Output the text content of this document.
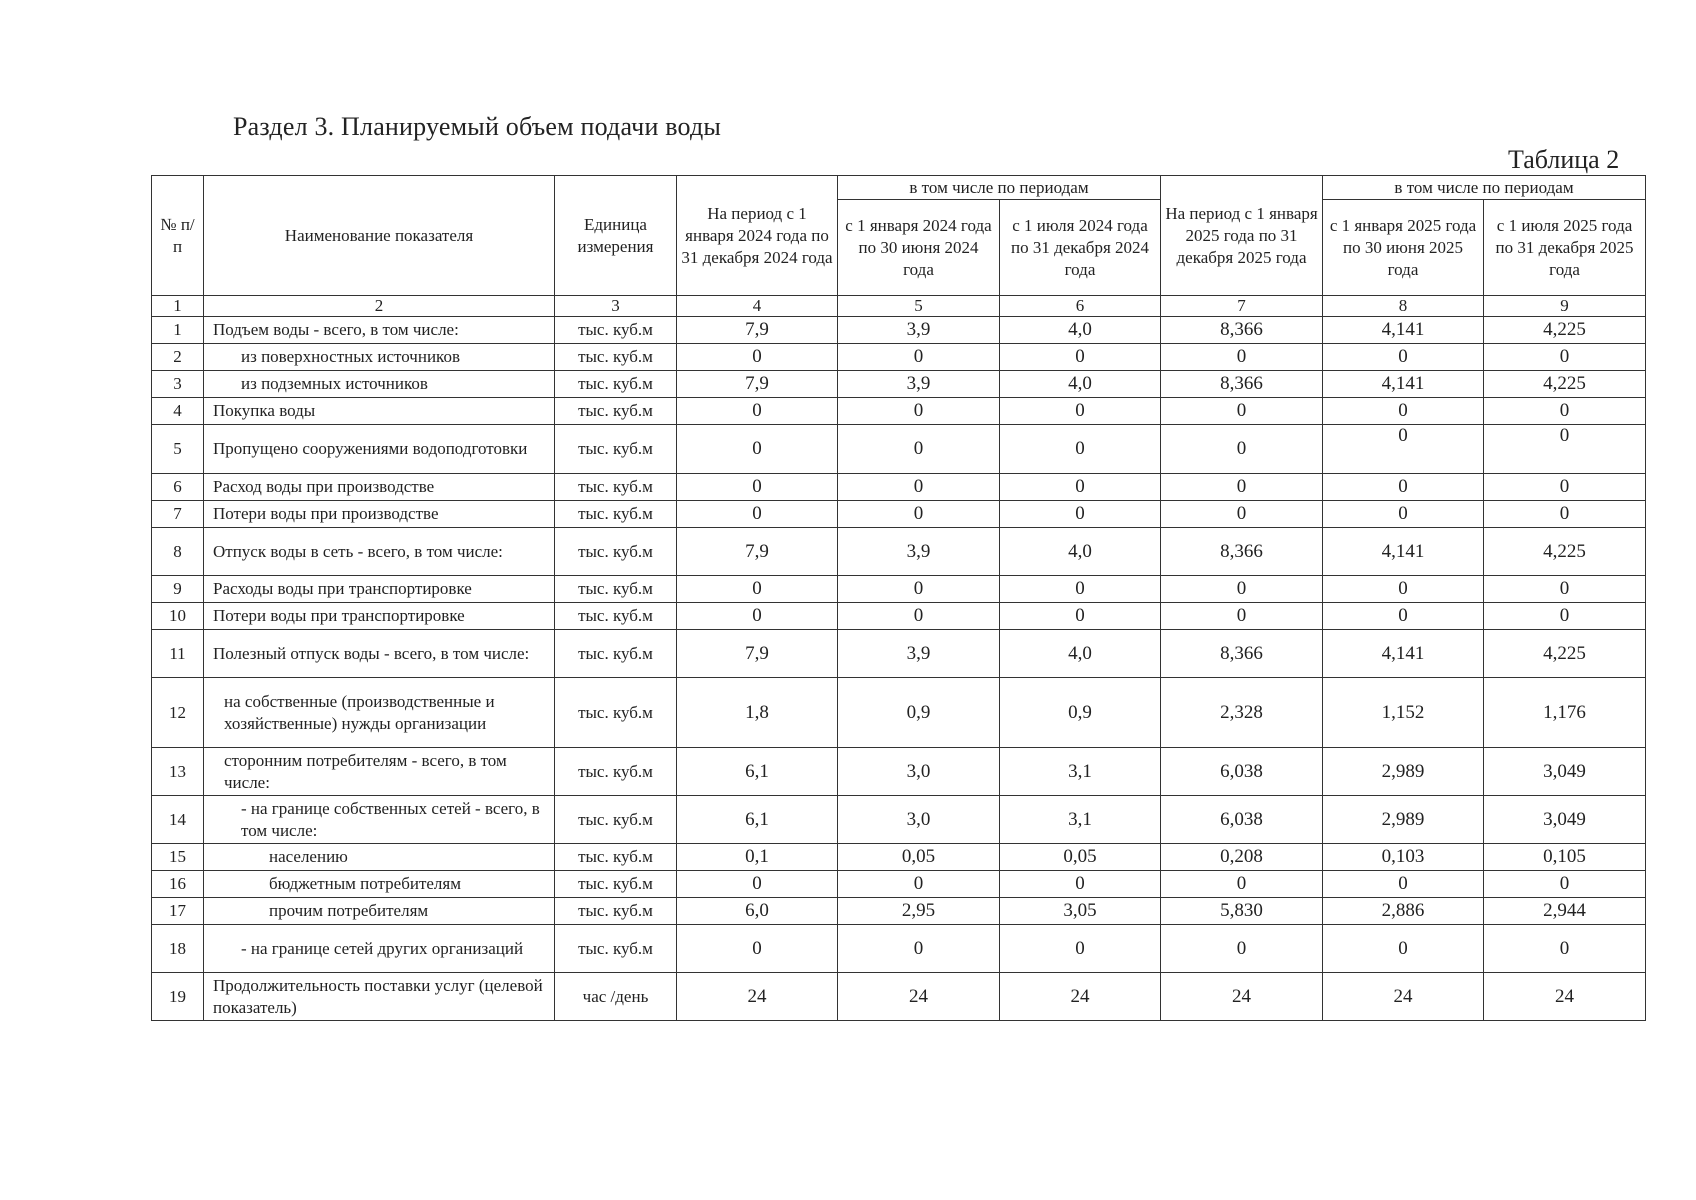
Раздел 3. Планируемый объем подачи воды
Таблица 2
№ п/п	Наименование показателя	Единица измерения	На период с 1 января 2024 года по 31 декабря 2024 года	в том числе по периодам		На период с 1 января 2025 года по 31 декабря 2025 года	в том числе по периодам	
				с 1 января 2024 года по 30 июня 2024 года	с 1 июля 2024 года по 31 декабря 2024 года		с 1 января 2025 года по 30 июня 2025 года	с 1 июля 2025 года по 31 декабря 2025 года
1	2	3	4	5	6	7	8	9
1	Подъем воды - всего, в том числе:	тыс. куб.м	7,9	3,9	4,0	8,366	4,141	4,225
2	из поверхностных источников	тыс. куб.м	0	0	0	0	0	0
3	из подземных источников	тыс. куб.м	7,9	3,9	4,0	8,366	4,141	4,225
4	Покупка воды	тыс. куб.м	0	0	0	0	0	0
5	Пропущено сооружениями водоподготовки	тыс. куб.м	0	0	0	0	0	0
6	Расход воды при производстве	тыс. куб.м	0	0	0	0	0	0
7	Потери воды при производстве	тыс. куб.м	0	0	0	0	0	0
8	Отпуск воды в сеть - всего, в том числе:	тыс. куб.м	7,9	3,9	4,0	8,366	4,141	4,225
9	Расходы воды при транспортировке	тыс. куб.м	0	0	0	0	0	0
10	Потери воды при транспортировке	тыс. куб.м	0	0	0	0	0	0
11	Полезный отпуск воды - всего, в том числе:	тыс. куб.м	7,9	3,9	4,0	8,366	4,141	4,225
12	на собственные (производственные и хозяйственные) нужды организации	тыс. куб.м	1,8	0,9	0,9	2,328	1,152	1,176
13	сторонним потребителям - всего, в том числе:	тыс. куб.м	6,1	3,0	3,1	6,038	2,989	3,049
14	- на границе собственных сетей - всего, в том числе:	тыс. куб.м	6,1	3,0	3,1	6,038	2,989	3,049
15	населению	тыс. куб.м	0,1	0,05	0,05	0,208	0,103	0,105
16	бюджетным потребителям	тыс. куб.м	0	0	0	0	0	0
17	прочим потребителям	тыс. куб.м	6,0	2,95	3,05	5,830	2,886	2,944
18	- на границе сетей других организаций	тыс. куб.м	0	0	0	0	0	0
19	Продолжительность поставки услуг (целевой показатель)	час /день	24	24	24	24	24	24
